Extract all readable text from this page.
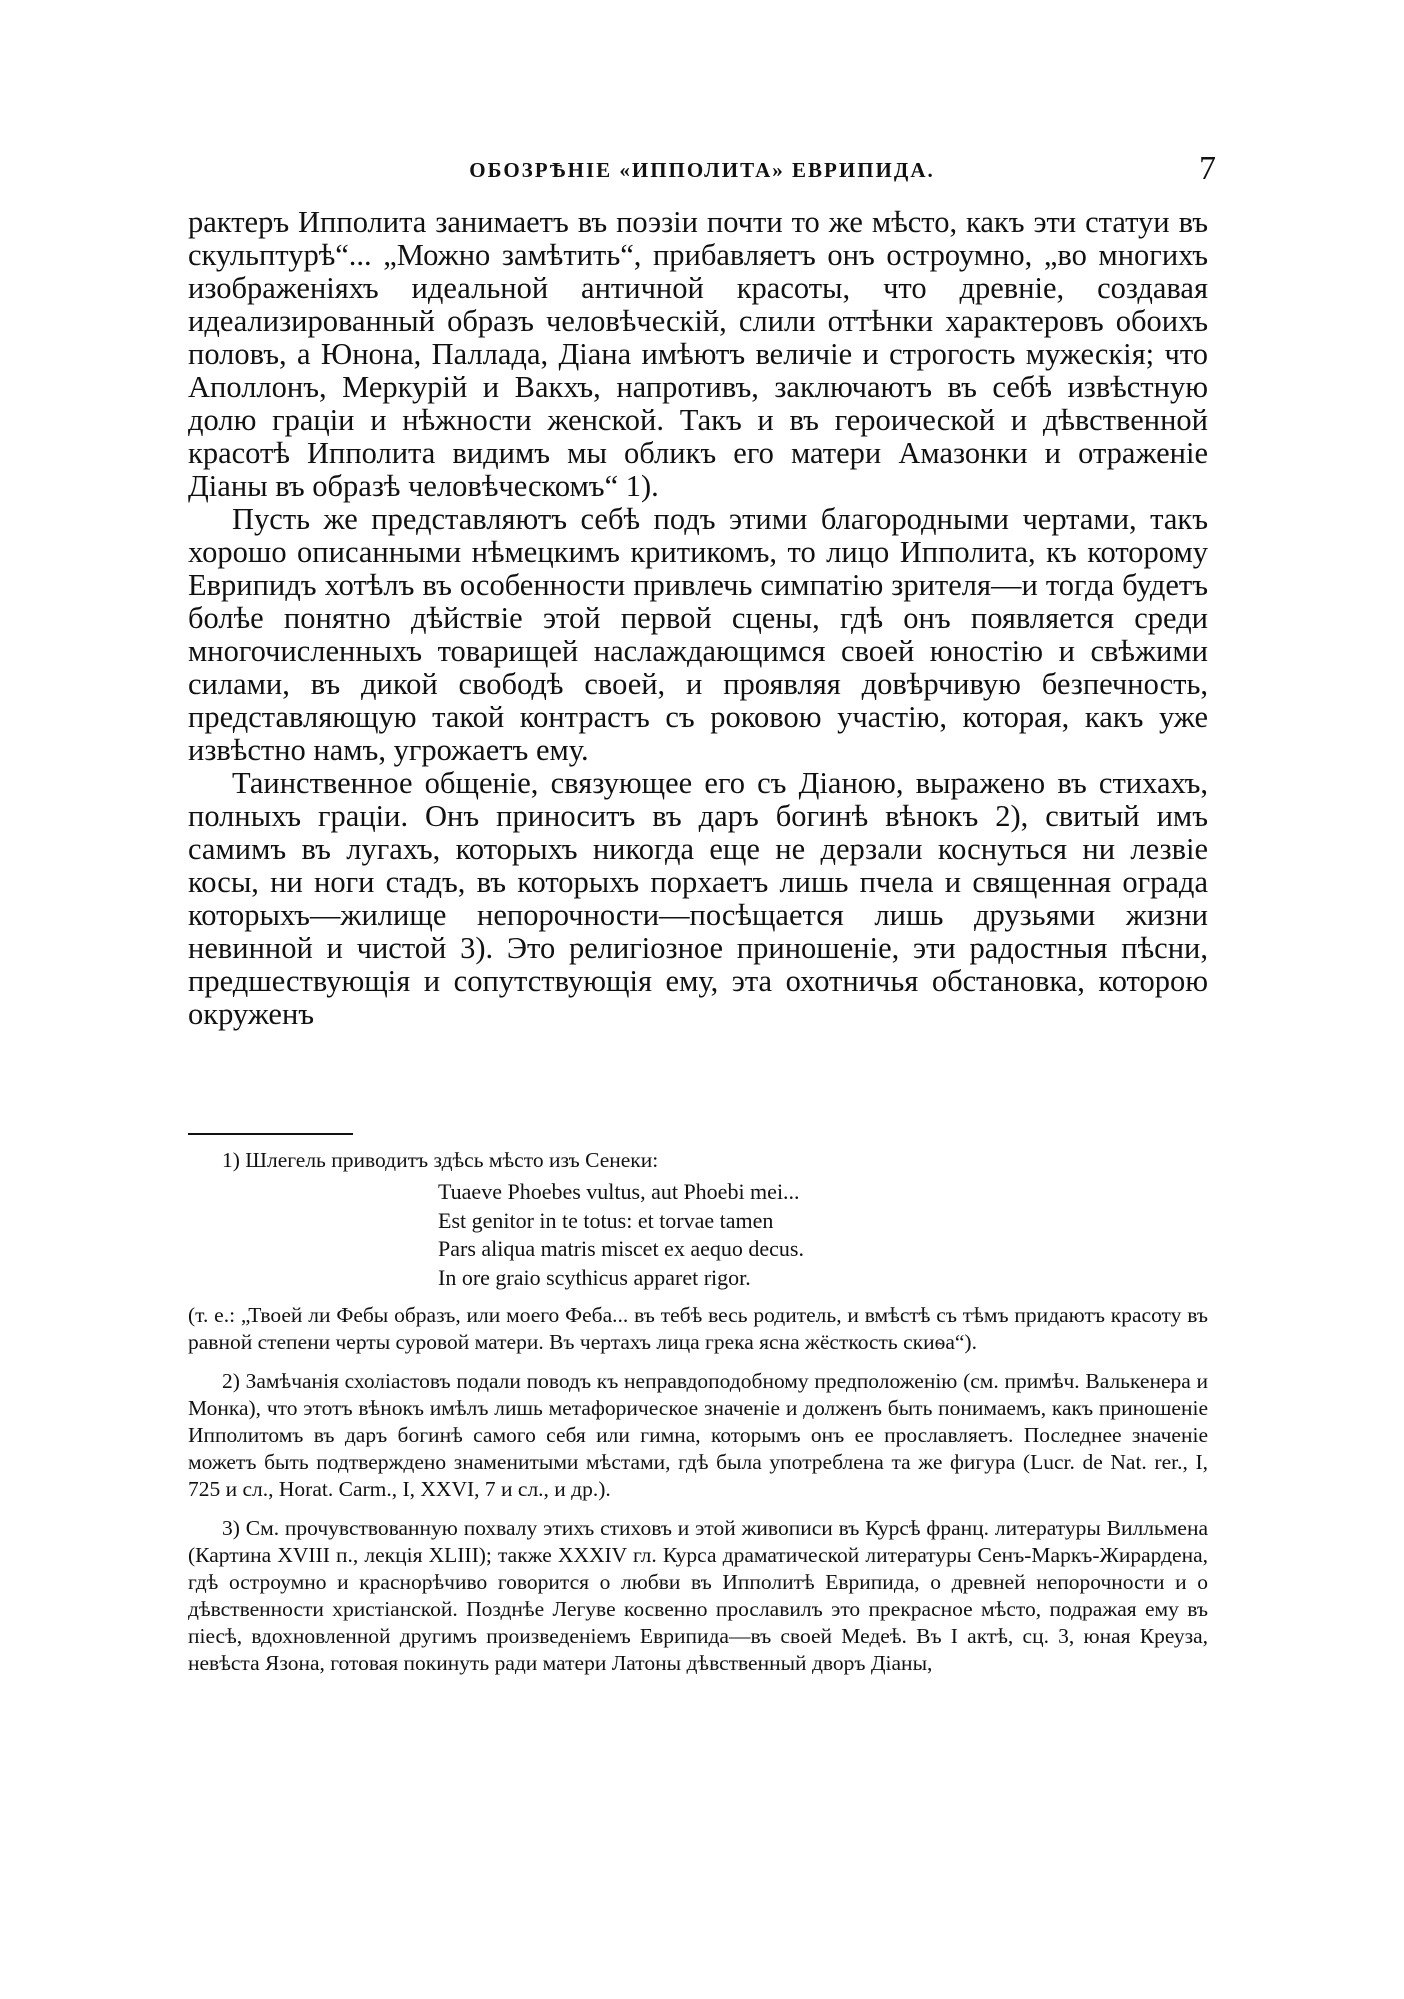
ОБОЗРѢНІЕ «ИППОЛИТА» ЕВРИПИДА.	7

рактеръ Ипполита занимаетъ въ поэзіи почти то же мѣсто, какъ эти статуи въ скульптурѣ“... „Можно замѣтить“, прибавляетъ онъ остроумно, „во многихъ изображеніяхъ идеальной античной красоты, что древніе, создавая идеализированный образъ человѣческій, слили оттѣнки характеровъ обоихъ половъ, а Юнона, Паллада, Діана имѣютъ величіе и строгость мужескія; что Аполлонъ, Меркурій и Вакхъ, напротивъ, заключаютъ въ себѣ извѣстную долю граціи и нѣжности женской. Такъ и въ героической и дѣвственной красотѣ Ипполита видимъ мы обликъ его матери Амазонки и отраженіе Діаны въ образѣ человѣческомъ“ 1).

Пусть же представляютъ себѣ подъ этими благородными чертами, такъ хорошо описанными нѣмецкимъ критикомъ, то лицо Ипполита, къ которому Еврипидъ хотѣлъ въ особенности привлечь симпатію зрителя—и тогда будетъ болѣе понятно дѣйствіе этой первой сцены, гдѣ онъ появляется среди многочисленныхъ товарищей наслаждающимся своей юностію и свѣжими силами, въ дикой свободѣ своей, и проявляя довѣрчивую безпечность, представляющую такой контрастъ съ роковою участію, которая, какъ уже извѣстно намъ, угрожаетъ ему.

Таинственное общеніе, связующее его съ Діаною, выражено въ стихахъ, полныхъ граціи. Онъ приноситъ въ даръ богинѣ вѣнокъ 2), свитый имъ самимъ въ лугахъ, которыхъ никогда еще не дерзали коснуться ни лезвіе косы, ни ноги стадъ, въ которыхъ порхаетъ лишь пчела и священная ограда которыхъ—жилище непорочности—посѣщается лишь друзьями жизни невинной и чистой 3). Это религіозное приношеніе, эти радостныя пѣсни, предшествующія и сопутствующія ему, эта охотничья обстановка, которою окруженъ

1) Шлегель приводитъ здѣсь мѣсто изъ Сенеки:

Tuaeve Phoebes vultus, aut Phoebi mei...

Est genitor in te totus: et torvae tamen

Pars aliqua matris miscet ex aequo decus.

In ore graio scythicus apparet rigor.

(т. е.: „Твоей ли Фебы образъ, или моего Феба... въ тебѣ весь родитель, и вмѣстѣ съ тѣмъ придаютъ красоту въ равной степени черты суровой матери. Въ чертахъ лица грека ясна жёсткость скиѳа“).

2) Замѣчанія схоліастовъ подали поводъ къ неправдоподобному предположенію (см. примѣч. Валькенера и Монка), что этотъ вѣнокъ имѣлъ лишь метафорическое значеніе и долженъ быть понимаемъ, какъ приношеніе Ипполитомъ въ даръ богинѣ самого себя или гимна, которымъ онъ ее прославляетъ. Последнее значеніе можетъ быть подтверждено знаменитыми мѣстами, гдѣ была употреблена та же фигура (Lucr. de Nat. rer., I, 725 и сл., Horat. Carm., I, XXVI, 7 и сл., и др.).

3) См. прочувствованную похвалу этихъ стиховъ и этой живописи въ Курсѣ франц. литературы Вилльмена (Картина XVIII п., лекція XLIII); также XXXIV гл. Курса драматической литературы Сенъ-Маркъ-Жирардена, гдѣ остроумно и краснорѣчиво говорится о любви въ Ипполитѣ Еврипида, о древней непорочности и о дѣвственности христіанской. Позднѣе Легуве косвенно прославилъ это прекрасное мѣсто, подражая ему въ піесѣ, вдохновленной другимъ произведеніемъ Еврипида—въ своей Медеѣ. Въ I актѣ, сц. 3, юная Креуза, невѣста Язона, готовая покинуть ради матери Латоны дѣвственный дворъ Діаны,
